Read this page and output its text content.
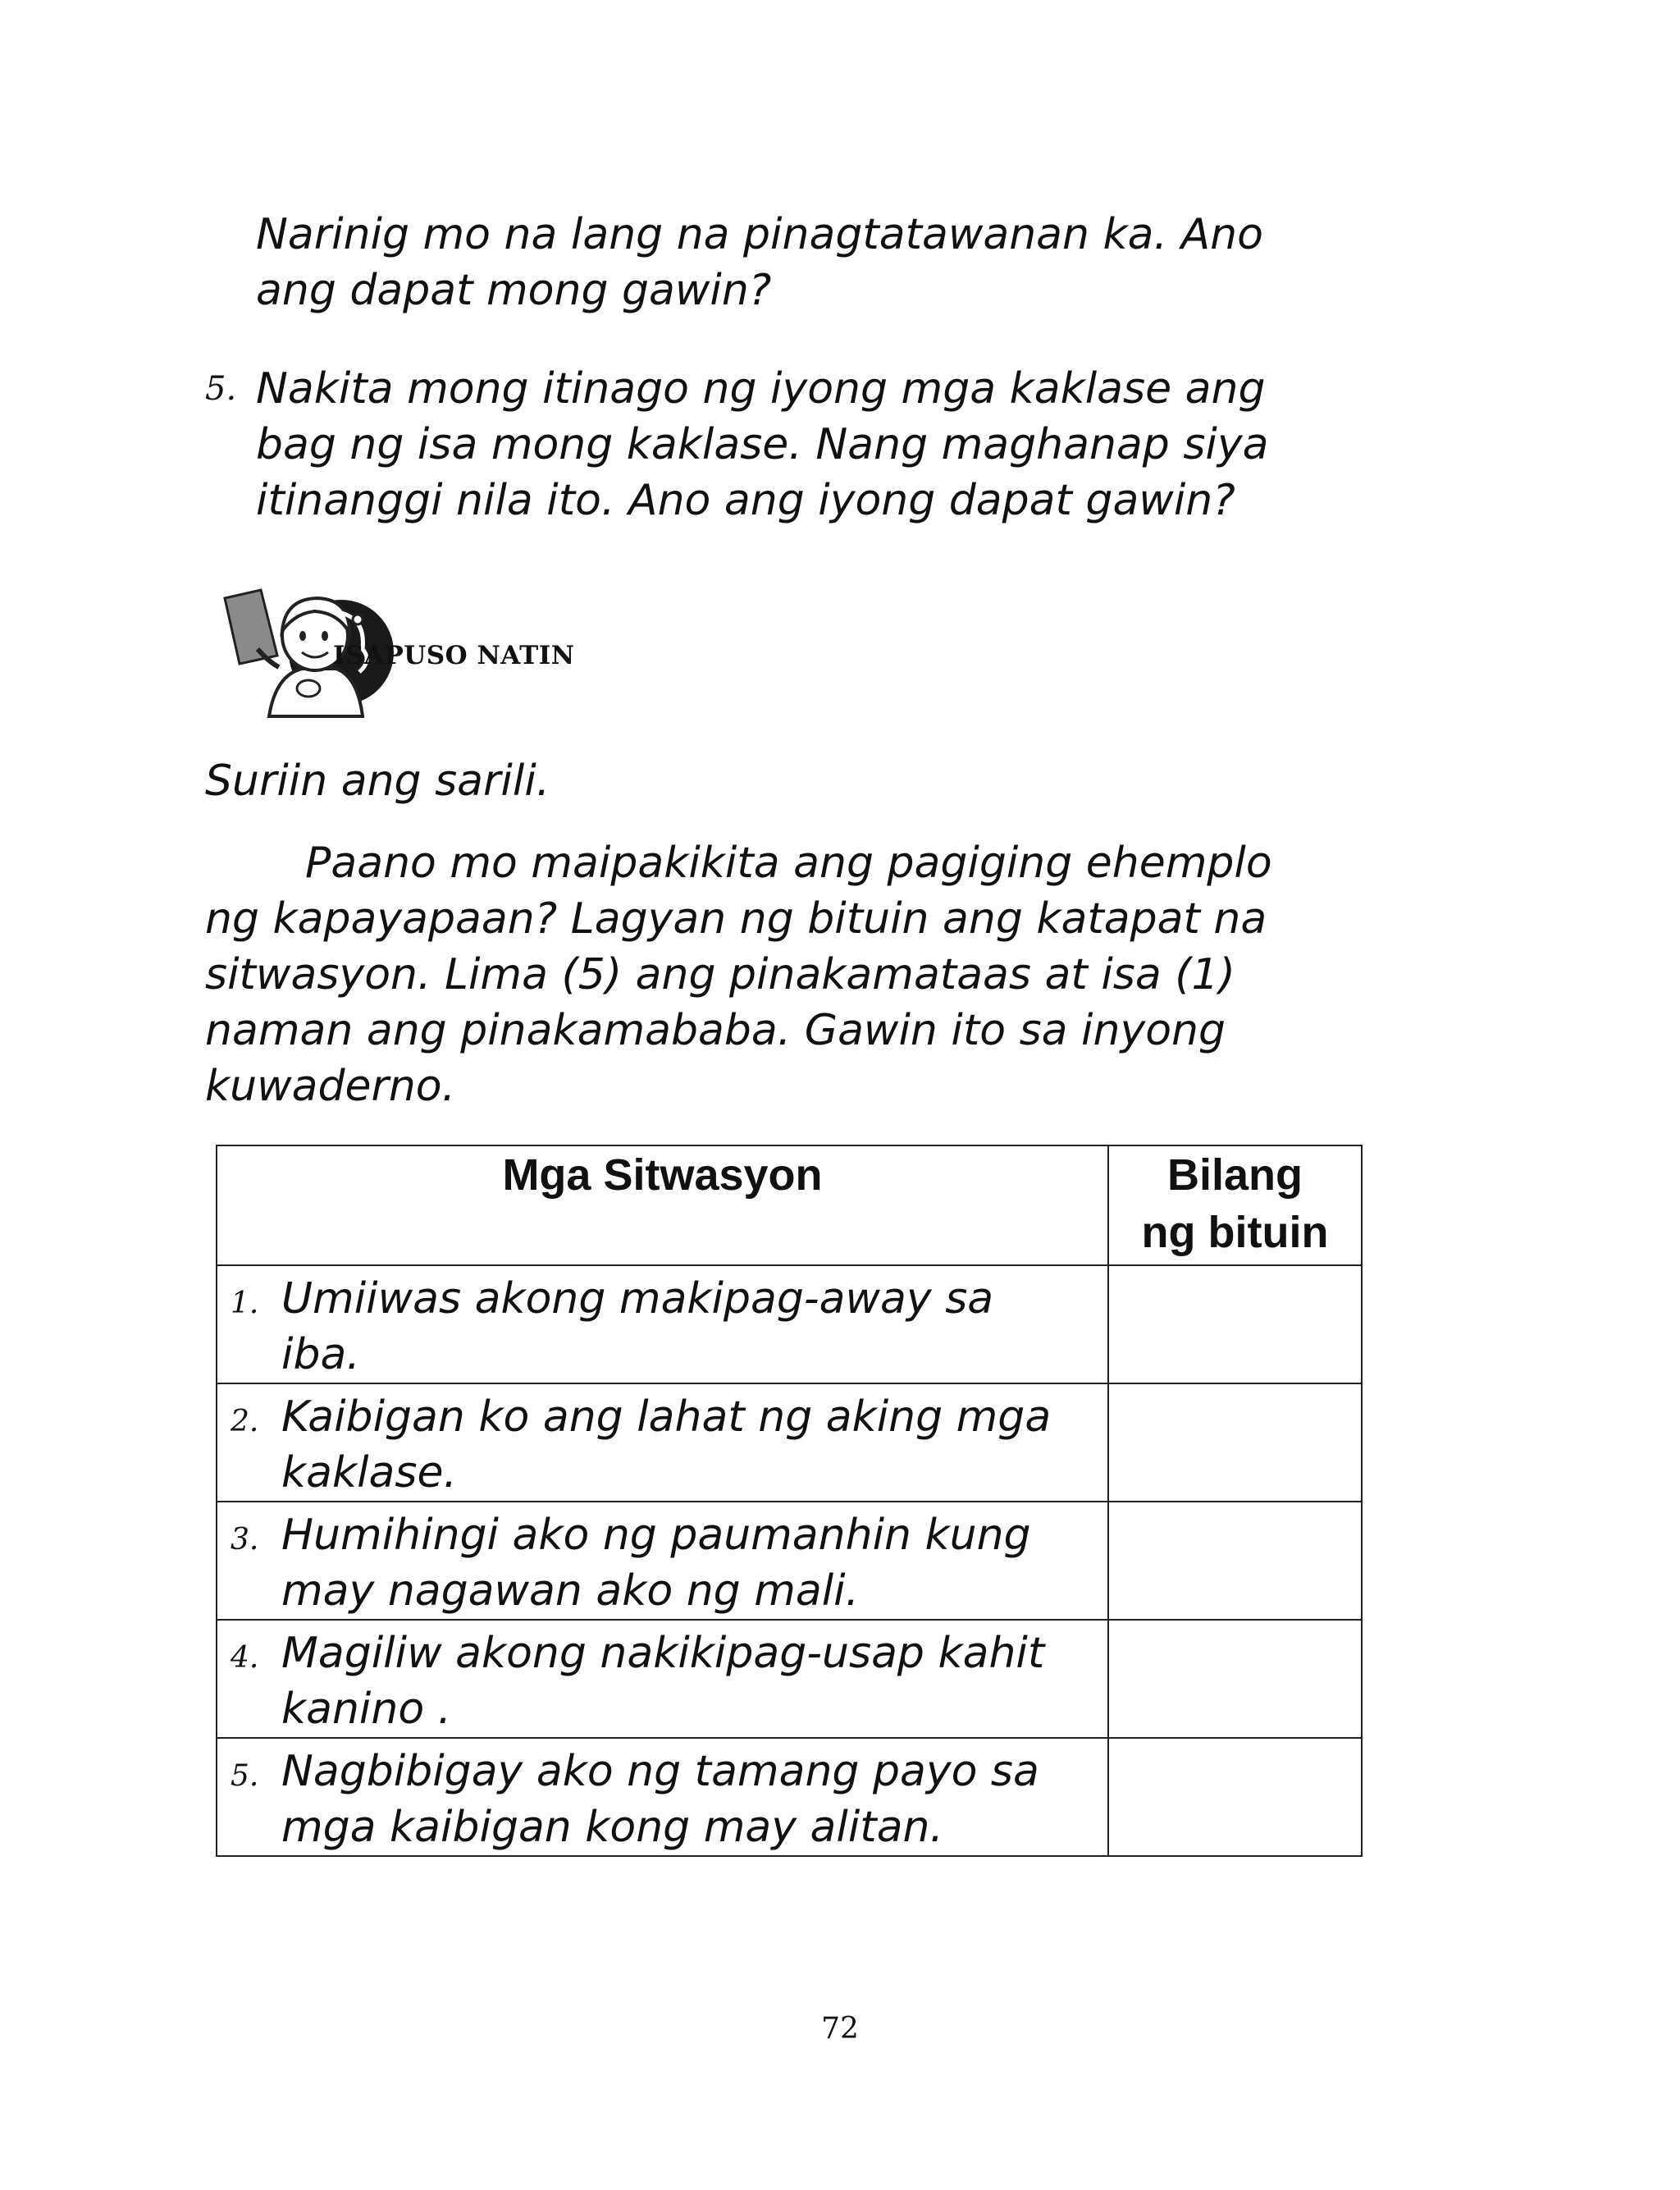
Narinig mo na lang na pinagtatawanan ka. Ano
ang dapat mong gawin?
5. Nakita mong itinago ng iyong mga kaklase ang
bag ng isa mong kaklase. Nang maghanap siya
itinanggi nila ito. Ano ang iyong dapat gawin?
ISAPUSO NATIN
Suriin ang sarili.
Paano mo maipakikita ang pagiging ehemplo
ng kapayapaan? Lagyan ng bituin ang katapat na
sitwasyon. Lima (5) ang pinakamataas at isa (1)
naman ang pinakamababa. Gawin ito sa inyong
kuwaderno.
Mga Sitwasyon	Bilang
ng bituin

1. Umiiwas akong makipag-away sa
iba.	

2. Kaibigan ko ang lahat ng aking mga
kaklase.	

3. Humihingi ako ng paumanhin kung
may nagawan ako ng mali.	

4. Magiliw akong nakikipag-usap kahit
kanino .	

5. Nagbibigay ako ng tamang payo sa
mga kaibigan kong may alitan.	

72
